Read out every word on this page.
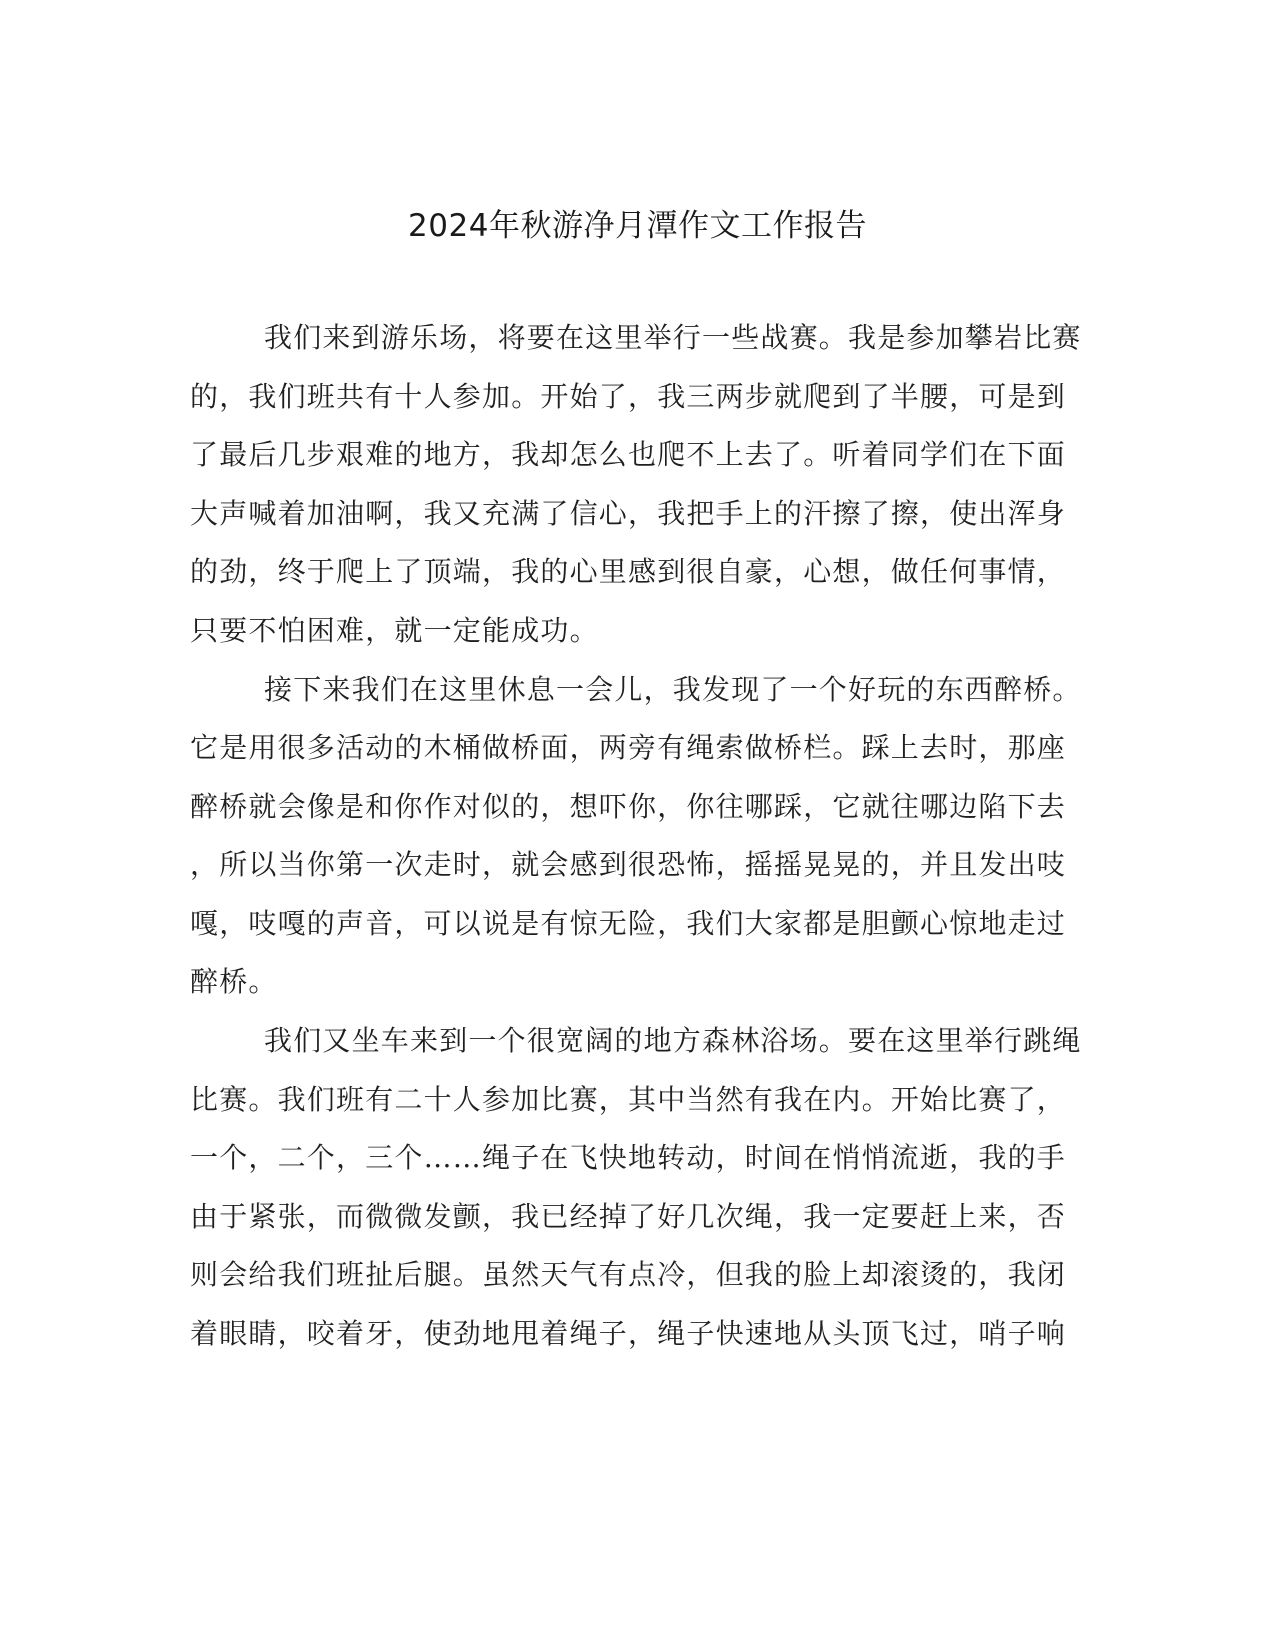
2024年秋游净月潭作文工作报告
我们来到游乐场，将要在这里举行一些战赛。我是参加攀岩比赛
的，我们班共有十人参加。开始了，我三两步就爬到了半腰，可是到
了最后几步艰难的地方，我却怎么也爬不上去了。听着同学们在下面
大声喊着加油啊，我又充满了信心，我把手上的汗擦了擦，使出浑身
的劲，终于爬上了顶端，我的心里感到很自豪，心想，做任何事情，
只要不怕困难，就一定能成功。
接下来我们在这里休息一会儿，我发现了一个好玩的东西醉桥。
它是用很多活动的木桶做桥面，两旁有绳索做桥栏。踩上去时，那座
醉桥就会像是和你作对似的，想吓你，你往哪踩，它就往哪边陷下去
，所以当你第一次走时，就会感到很恐怖，摇摇晃晃的，并且发出吱
嘎，吱嘎的声音，可以说是有惊无险，我们大家都是胆颤心惊地走过
醉桥。
我们又坐车来到一个很宽阔的地方森林浴场。要在这里举行跳绳
比赛。我们班有二十人参加比赛，其中当然有我在内。开始比赛了，
一个，二个，三个……绳子在飞快地转动，时间在悄悄流逝，我的手
由于紧张，而微微发颤，我已经掉了好几次绳，我一定要赶上来，否
则会给我们班扯后腿。虽然天气有点冷，但我的脸上却滚烫的，我闭
着眼睛，咬着牙，使劲地甩着绳子，绳子快速地从头顶飞过，哨子响
